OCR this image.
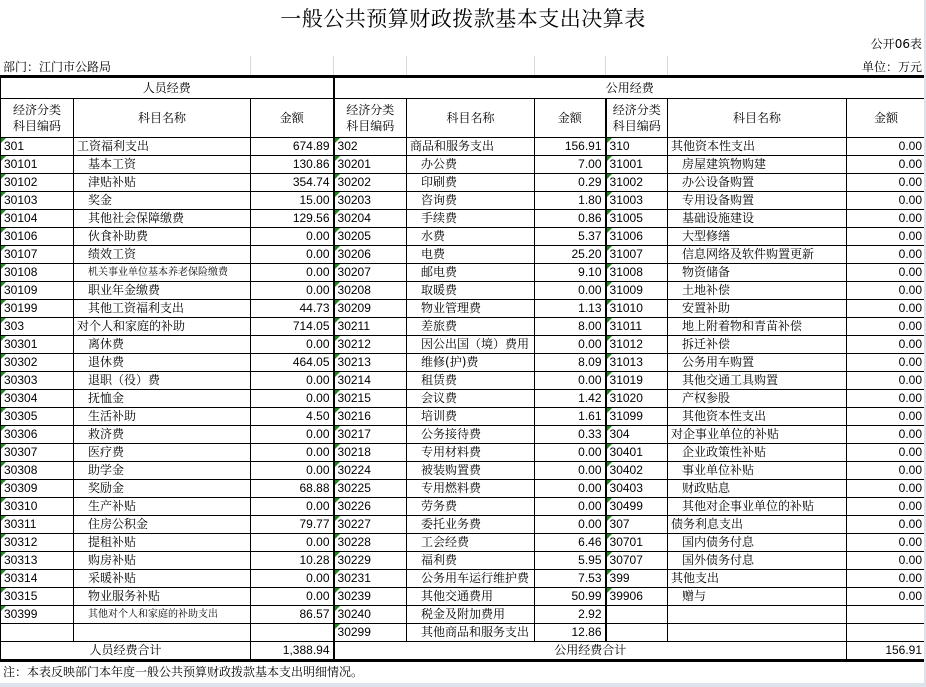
一般公共预算财政拨款基本支出决算表
公开06表
部门：江门市公路局	单位：万元
人员经费			公用经费					
经济分类
科目编码	科目名称	金额	经济分类
科目编码	科目名称	金额	经济分类
科目编码	科目名称	金额
301	工资福利支出	674.89	302	商品和服务支出	156.91	310	其他资本性支出	0.00
30101	基本工资	130.86	30201	办公费	7.00	31001	房屋建筑物购建	0.00
30102	津贴补贴	354.74	30202	印刷费	0.29	31002	办公设备购置	0.00
30103	奖金	15.00	30203	咨询费	1.80	31003	专用设备购置	0.00
30104	其他社会保障缴费	129.56	30204	手续费	0.86	31005	基础设施建设	0.00
30106	伙食补助费	0.00	30205	水费	5.37	31006	大型修缮	0.00
30107	绩效工资	0.00	30206	电费	25.20	31007	信息网络及软件购置更新	0.00
30108	机关事业单位基本养老保险缴费	0.00	30207	邮电费	9.10	31008	物资储备	0.00
30109	职业年金缴费	0.00	30208	取暖费	0.00	31009	土地补偿	0.00
30199	其他工资福利支出	44.73	30209	物业管理费	1.13	31010	安置补助	0.00
303	对个人和家庭的补助	714.05	30211	差旅费	8.00	31011	地上附着物和青苗补偿	0.00
30301	离休费	0.00	30212	因公出国（境）费用	0.00	31012	拆迁补偿	0.00
30302	退休费	464.05	30213	维修(护)费	8.09	31013	公务用车购置	0.00
30303	退职（役）费	0.00	30214	租赁费	0.00	31019	其他交通工具购置	0.00
30304	抚恤金	0.00	30215	会议费	1.42	31020	产权参股	0.00
30305	生活补助	4.50	30216	培训费	1.61	31099	其他资本性支出	0.00
30306	救济费	0.00	30217	公务接待费	0.33	304	对企事业单位的补贴	0.00
30307	医疗费	0.00	30218	专用材料费	0.00	30401	企业政策性补贴	0.00
30308	助学金	0.00	30224	被装购置费	0.00	30402	事业单位补贴	0.00
30309	奖励金	68.88	30225	专用燃料费	0.00	30403	财政贴息	0.00
30310	生产补贴	0.00	30226	劳务费	0.00	30499	其他对企事业单位的补贴	0.00
30311	住房公积金	79.77	30227	委托业务费	0.00	307	债务利息支出	0.00
30312	提租补贴	0.00	30228	工会经费	6.46	30701	国内债务付息	0.00
30313	购房补贴	10.28	30229	福利费	5.95	30707	国外债务付息	0.00
30314	采暖补贴	0.00	30231	公务用车运行维护费	7.53	399	其他支出	0.00
30315	物业服务补贴	0.00	30239	其他交通费用	50.99	39906	赠与	0.00
30399	其他对个人和家庭的补助支出	86.57	30240	税金及附加费用	2.92			
			30299	其他商品和服务支出	12.86			
人员经费合计		1,388.94	公用经费合计					156.91
注：本表反映部门本年度一般公共预算财政拨款基本支出明细情况。
